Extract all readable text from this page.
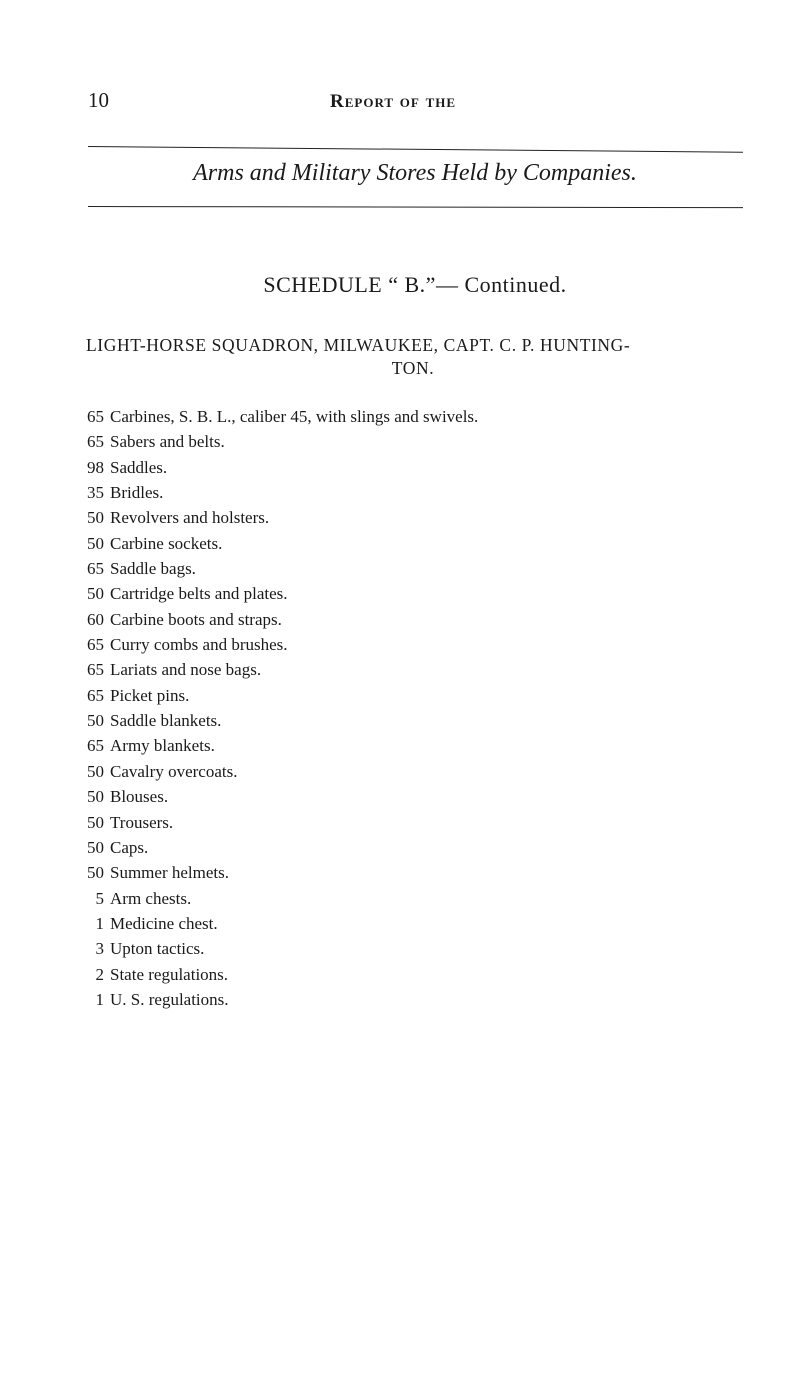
10	Report of the
Arms and Military Stores Held by Companies.
SCHEDULE “ B.”— Continued.
LIGHT-HORSE SQUADRON, MILWAUKEE, CAPT. C. P. HUNTING-
TON.
65 Carbines, S. B. L., caliber 45, with slings and swivels.
65 Sabers and belts.
98 Saddles.
35 Bridles.
50 Revolvers and holsters.
50 Carbine sockets.
65 Saddle bags.
50 Cartridge belts and plates.
60 Carbine boots and straps.
65 Curry combs and brushes.
65 Lariats and nose bags.
65 Picket pins.
50 Saddle blankets.
65 Army blankets.
50 Cavalry overcoats.
50 Blouses.
50 Trousers.
50 Caps.
50 Summer helmets.
5 Arm chests.
1 Medicine chest.
3 Upton tactics.
2 State regulations.
1 U. S. regulations.
